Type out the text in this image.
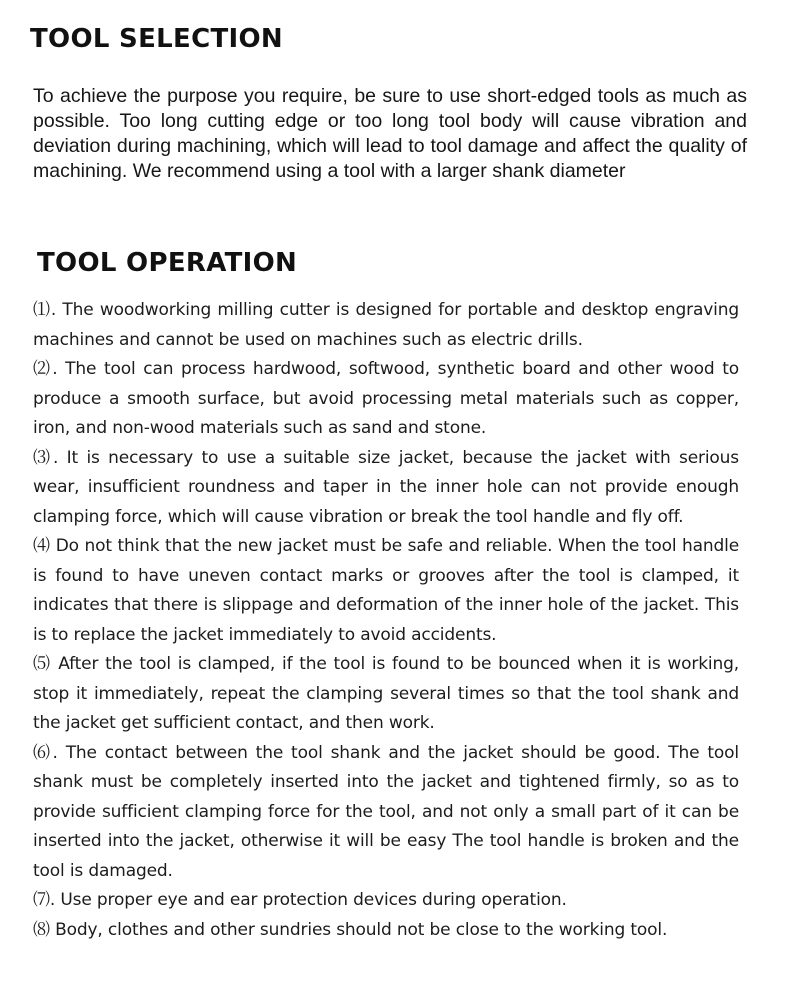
TOOL SELECTION

To achieve the purpose you require, be sure to use short-edged tools as much as possible. Too long cutting edge or too long tool body will cause vibration and deviation during machining, which will lead to tool damage and affect the quality of machining. We recommend using a tool with a larger shank diameter

TOOL OPERATION
⑴. The woodworking milling cutter is designed for portable and desktop engraving machines and cannot be used on machines such as electric drills.
⑵. The tool can process hardwood, softwood, synthetic board and other wood to produce a smooth surface, but avoid processing metal materials such as copper, iron, and non-wood materials such as sand and stone.
⑶. It is necessary to use a suitable size jacket, because the jacket with serious wear, insufficient roundness and taper in the inner hole can not provide enough clamping force, which will cause vibration or break the tool handle and fly off.
⑷ Do not think that the new jacket must be safe and reliable. When the tool handle is found to have uneven contact marks or grooves after the tool is clamped, it indicates that there is slippage and deformation of the inner hole of the jacket. This is to replace the jacket immediately to avoid accidents.
⑸ After the tool is clamped, if the tool is found to be bounced when it is working, stop it immediately, repeat the clamping several times so that the tool shank and the jacket get sufficient contact, and then work.
⑹. The contact between the tool shank and the jacket should be good. The tool shank must be completely inserted into the jacket and tightened firmly, so as to provide sufficient clamping force for the tool, and not only a small part of it can be inserted into the jacket, otherwise it will be easy The tool handle is broken and the tool is damaged.
⑺. Use proper eye and ear protection devices during operation.
⑻ Body, clothes and other sundries should not be close to the working tool.
